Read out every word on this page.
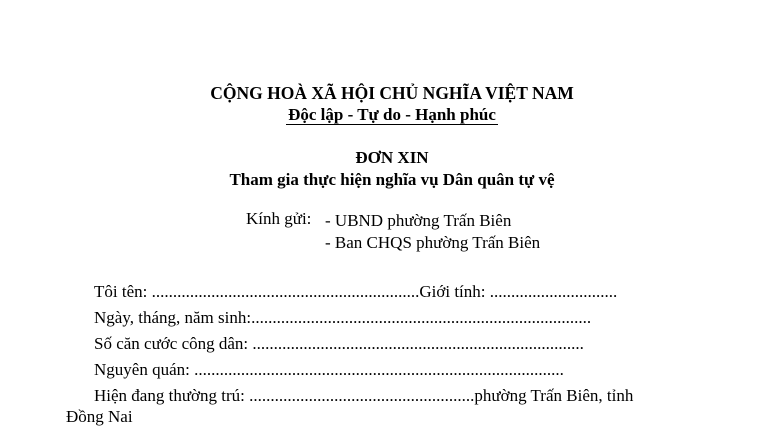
CỘNG HOÀ XÃ HỘI CHỦ NGHĨA VIỆT NAM
Độc lập - Tự do - Hạnh phúc
ĐƠN XIN
Tham gia thực hiện nghĩa vụ Dân quân tự vệ
Kính gửi: - UBND phường Trấn Biên
- Ban CHQS phường Trấn Biên
Tôi tên: ...............................................................Giới tính: ..............................
Ngày, tháng, năm sinh:................................................................................
Số căn cước công dân: ..............................................................................
Nguyên quán: .......................................................................................
Hiện đang thường trú: .....................................................phường Trấn Biên, tỉnh
Đồng Nai
